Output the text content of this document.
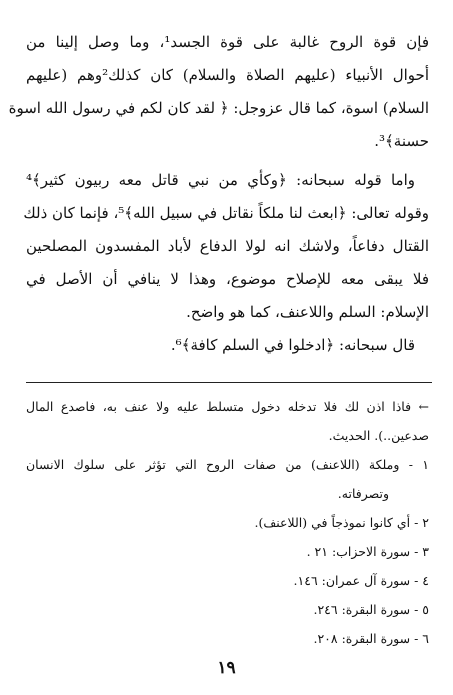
فإن قوة الروح غالبة على قوة الجسد¹، وما وصل إلينا من
أحوال الأنبياء (عليهم الصلاة والسلام) كان كذلك²وهم (عليهم
السلام) اسوة، كما قال عزوجل: ﴿ لقد كان لكم في رسول الله اسوة
حسنة﴾³.
واما قوله سبحانه: ﴿وكأي من نبي قاتل معه ربيون كثير﴾⁴
وقوله تعالى: ﴿ابعث لنا ملكاً نقاتل في سبيل الله﴾⁵، فإنما كان ذلك
القتال دفاعاً، ولاشك انه لولا الدفاع لأباد المفسدون المصلحين
فلا يبقى معه للإصلاح موضوع، وهذا لا ينافي أن الأصل في
الإسلام: السلم واللاعنف، كما هو واضح.
قال سبحانه: ﴿ادخلوا في السلم كافة﴾⁶.
← فاذا اذن لك فلا تدخله دخول متسلط عليه ولا عنف به، فاصدع المال
صدعين..). الحديث.
١ - وملكة (اللاعنف) من صفات الروح التي تؤثر على سلوك الانسان
وتصرفاته.
٢ - أي كانوا نموذجاً في (اللاعنف).
٣ - سورة الاحزاب: ٢١ .
٤ - سورة آل عمران: ١٤٦.
٥ - سورة البقرة: ٢٤٦.
٦ - سورة البقرة: ٢٠٨.
١٩
